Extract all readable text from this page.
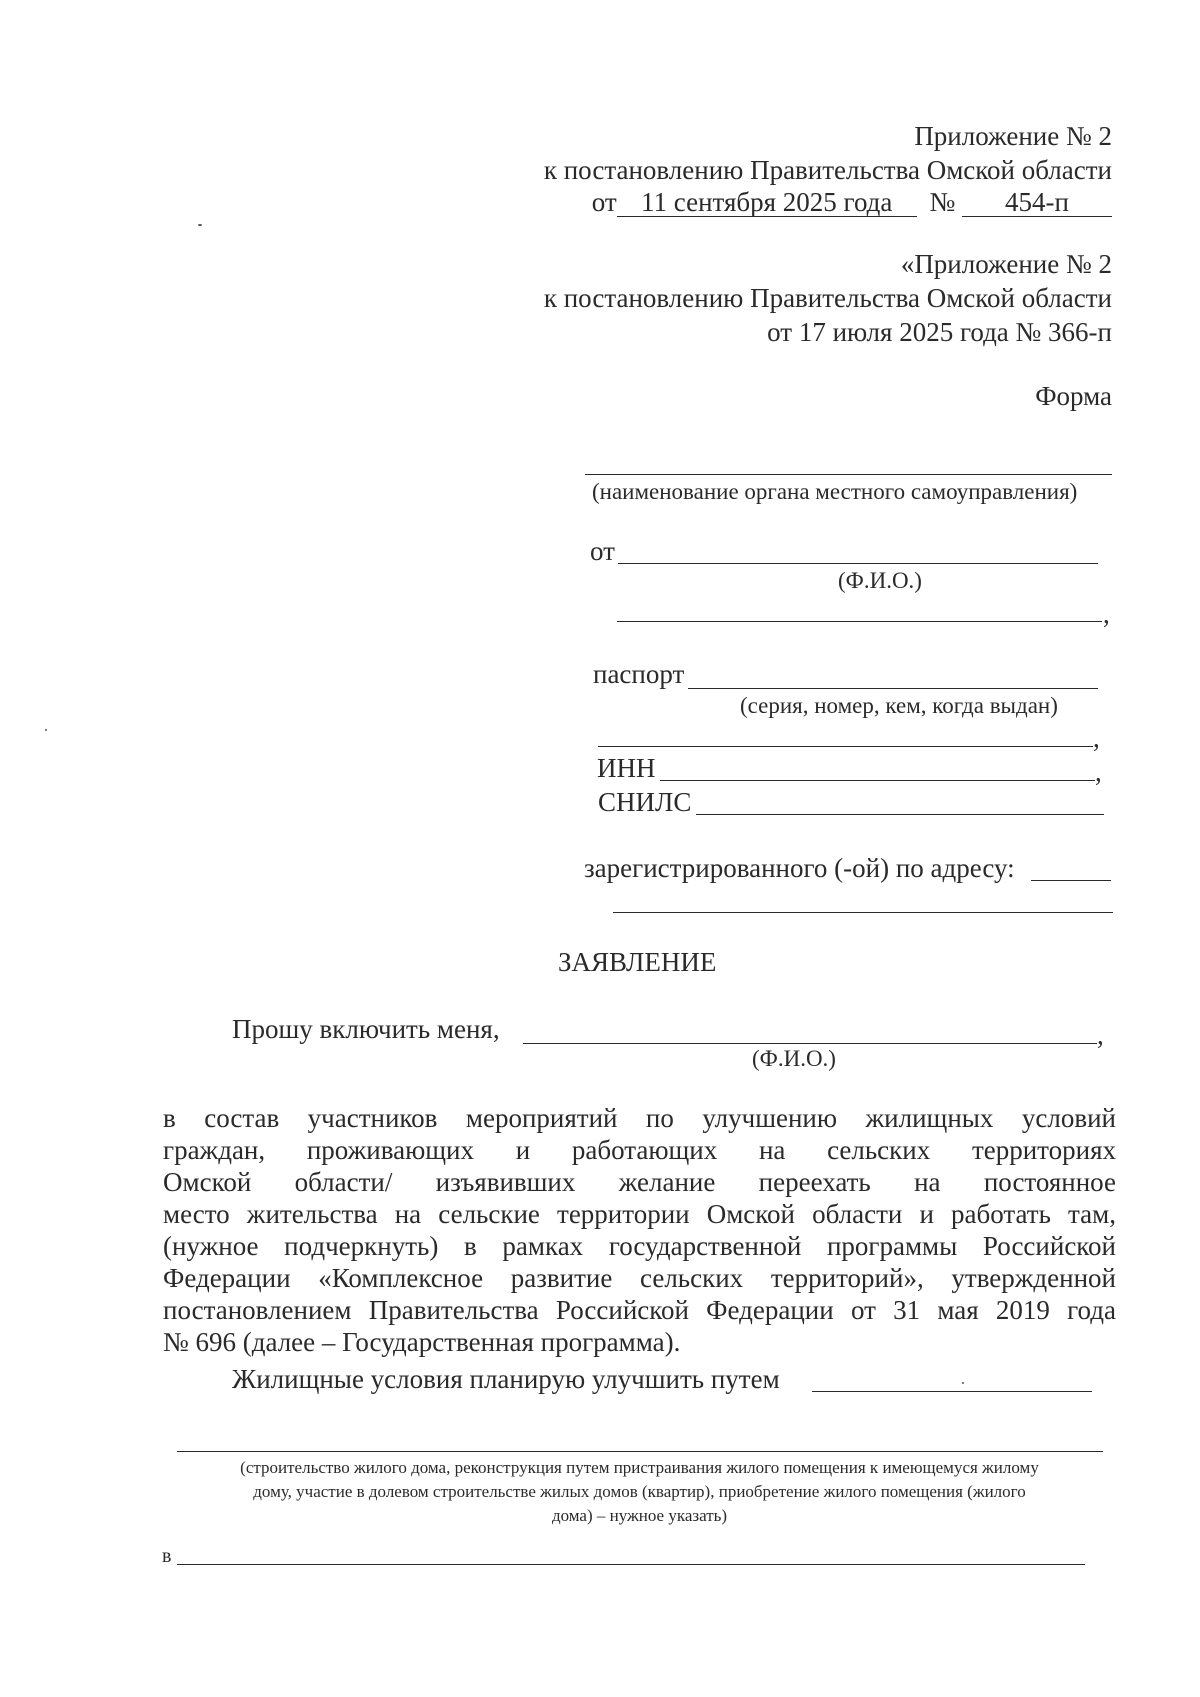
Приложение № 2
к постановлению Правительства Омской области
от 11 сентября 2025 года № 454-п
«Приложение № 2
к постановлению Правительства Омской области
от 17 июля 2025 года № 366-п
Форма
(наименование органа местного самоуправления)
от
(Ф.И.О.)
,
паспорт
(серия, номер, кем, когда выдан)
,
ИНН	,
СНИЛС
зарегистрированного (-ой) по адресу:
ЗАЯВЛЕНИЕ
Прошу включить меня,	,
(Ф.И.О.)
в состав участников мероприятий по улучшению жилищных условий
граждан, проживающих и работающих на сельских территориях
Омской области/ изъявивших желание переехать на постоянное
место жительства на сельские территории Омской области и работать там,
(нужное подчеркнуть) в рамках государственной программы Российской
Федерации «Комплексное развитие сельских территорий», утвержденной
постановлением Правительства Российской Федерации от 31 мая 2019 года
№ 696 (далее – Государственная программа).
Жилищные условия планирую улучшить путем
(строительство жилого дома, реконструкция путем пристраивания жилого помещения к имеющемуся жилому
дому, участие в долевом строительстве жилых домов (квартир), приобретение жилого помещения (жилого
дома) – нужное указать)
в
